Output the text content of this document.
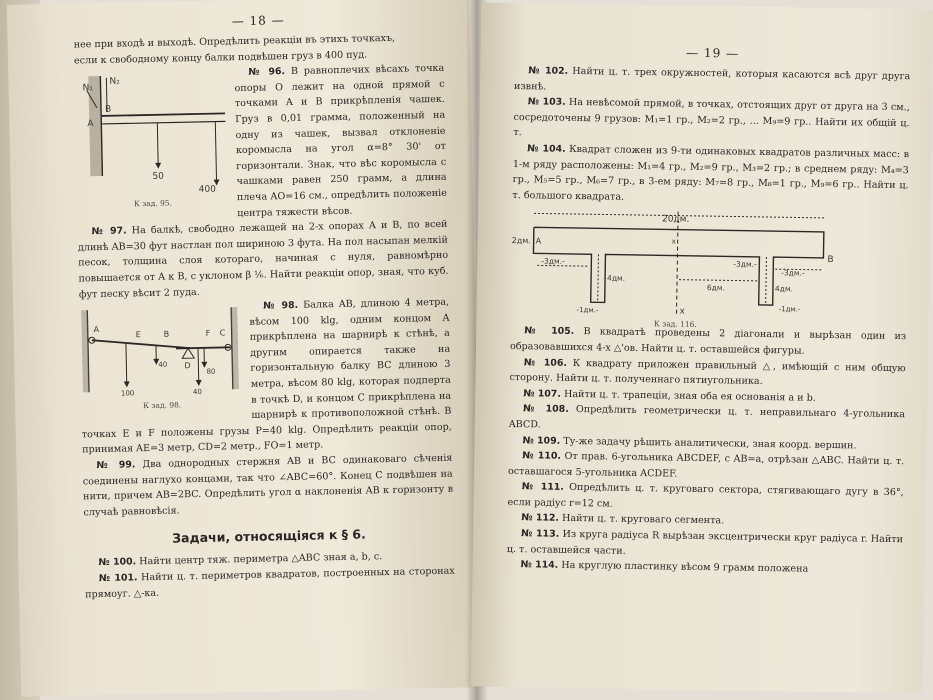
— 18 —

нее при входѣ и выходѣ. Опредѣлить реакціи въ этихъ точкахъ,

если к свободному концу балки подвѣшен груз в 400 пуд.

N₁
N₂
A
B
50
400
К зад. 95.

№ 96. В равноплечих вѣсахъ точка опоры O лежит на одной прямой с точками A и B прикрѣпленія чашек. Груз в 0,01 грамма, положенный на одну из чашек, вызвал отклоненіе коромысла на угол α=8° 30' от горизонтали. Знак, что вѣс коромысла с чашками равен 250 грамм, а длина плеча AO=16 см., опредѣлить положеніе центра тяжести вѣсов.

№ 97. На балкѣ, свободно лежащей на 2-х опорах A и B, по всей длинѣ AB=30 фут настлан пол шириною 3 фута. На пол насыпан мелкій песок, толщина слоя котораго, начиная с нуля, равномѣрно повышается от A к B, с уклоном β ⅙. Найти реакціи опор, зная, что куб. фут песку вѣсит 2 пуда.

A
E	B
D
F C
100
40
80
40
К зад. 98.

№ 98. Балка AB, длиною 4 метра, вѣсом 100 klg, одним концом A прикрѣплена на шарнирѣ к стѣнѣ, а другим опирается также на горизонтальную балку BC длиною 3 метра, вѣсом 80 klg, которая подперта в точкѣ D, и концом C прикрѣплена на шарнирѣ к противоположной стѣнѣ. В точках E и F положены грузы P=40 klg. Опредѣлить реакціи опор, принимая AE=3 метр, CD=2 метр., FO=1 метр.

№ 99. Два однородных стержня AB и BC одинаковаго сѣченія соединены наглухо концами, так что ∠ABC=60°. Конец C подвѣшен на нити, причем AB=2BC. Опредѣлить угол α наклоненія AB к горизонту в случаѣ равновѣсія.

Задачи, относящіяся к § 6.

№ 100. Найти центр тяж. периметра △ABC зная a, b, c.

№ 101. Найти ц. т. периметров квадратов, построенных на сторонах прямоуг. △-ка.

— 19 —

№ 102. Найти ц. т. трех окружностей, которыя касаются всѣ друг друга извнѣ.

№ 103. На невѣсомой прямой, в точках, отстоящих друг от друга на 3 см., сосредоточены 9 грузов: M₁=1 гр., M₂=2 гр., ... M₉=9 гр.. Найти их общій ц. т.

№ 104. Квадрат сложен из 9-ти одинаковых квадратов различных масс: в 1-м ряду расположены: M₁=4 гр., M₂=9 гр., M₃=2 гр.; в среднем ряду: M₄=3 гр., M₅=5 гр., M₆=7 гр., в 3-ем ряду: M₇=8 гр., M₈=1 гр., M₉=6 гр.. Найти ц. т. большого квадрата.

20дм.
2дм. A
B
-3дм.-	-3дм.-
4дм.
4дм.
6дм.
-1дм.-	-1дм.-
-3дм.-
x
x
К зад. 116.

№ 105. В квадратѣ проведены 2 діагонали и вырѣзан один из образовавшихся 4-х △'ов. Найти ц. т. оставшейся фигуры.

№ 106. К квадрату приложен правильный △, имѣющій с ним общую сторону. Найти ц. т. полученнаго пятиугольника.

№ 107. Найти ц. т. трапеціи, зная оба ея основанія a и b.

№ 108. Опредѣлить геометрически ц. т. неправильнаго 4-угольника ABCD.

№ 109. Ту-же задачу рѣшить аналитически, зная коорд. вершин.

№ 110. От прав. 6-угольника ABCDEF, с AB=a, отрѣзан △ABC. Найти ц. т. оставшагося 5-угольника ACDEF.

№ 111. Опредѣлить ц. т. круговаго сектора, стягивающаго дугу в 36°, если радіус r=12 см.

№ 112. Найти ц. т. круговаго сегмента.

№ 113. Из круга радіуса R вырѣзан эксцентрически круг радіуса r. Найти ц. т. оставшейся части.

№ 114. На круглую пластинку вѣсом 9 грамм положена
